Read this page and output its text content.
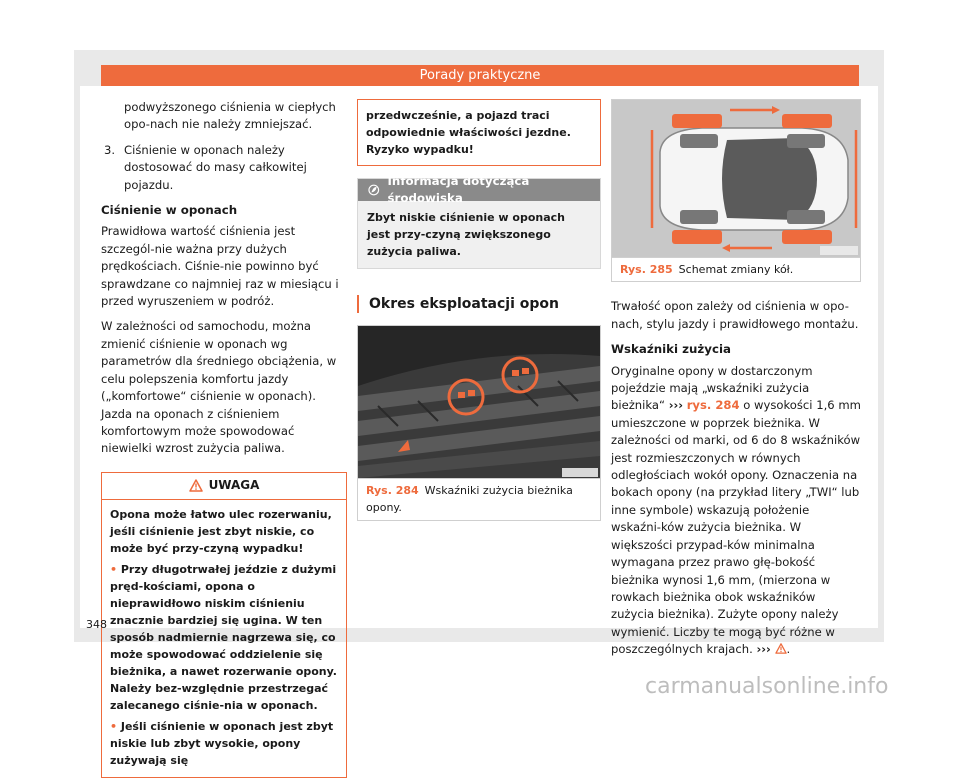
Porady praktyczne

podwyższonego ciśnienia w ciepłych opo-nach nie należy zmniejszać.

3. Ciśnienie w oponach należy dostosować do masy całkowitej pojazdu.

Ciśnienie w oponach

Prawidłowa wartość ciśnienia jest szczegól-nie ważna przy dużych prędkościach. Ciśnie-nie powinno być sprawdzane co najmniej raz w miesiącu i przed wyruszeniem w podróż.

W zależności od samochodu, można zmienić ciśnienie w oponach wg parametrów dla średniego obciążenia, w celu polepszenia komfortu jazdy („komfortowe“ ciśnienie w oponach). Jazda na oponach z ciśnieniem komfortowym może spowodować niewielki wzrost zużycia paliwa.

UWAGA

Opona może łatwo ulec rozerwaniu, jeśli ciśnienie jest zbyt niskie, co może być przy-czyną wypadku!

• Przy długotrwałej jeździe z dużymi pręd-kościami, opona o nieprawidłowo niskim ciśnieniu znacznie bardziej się ugina. W ten sposób nadmiernie nagrzewa się, co może spowodować oddzielenie się bieżnika, a nawet rozerwanie opony. Należy bez-względnie przestrzegać zalecanego ciśnie-nia w oponach.

• Jeśli ciśnienie w oponach jest zbyt niskie lub zbyt wysokie, opony zużywają się

przedwcześnie, a pojazd traci odpowiednie właściwości jezdne. Ryzyko wypadku!

Informacja dotycząca środowiska
Zbyt niskie ciśnienie w oponach jest przy-czyną zwiększonego zużycia paliwa.
Okres eksploatacji opon
Rys. 284 Wskaźniki zużycia bieżnika opony.
Rys. 285 Schemat zmiany kół.

Trwałość opon zależy od ciśnienia w opo-nach, stylu jazdy i prawidłowego montażu.

Wskaźniki zużycia

Oryginalne opony w dostarczonym pojeździe mają „wskaźniki zużycia bieżnika“ ››› rys. 284 o wysokości 1,6 mm umieszczone w poprzek bieżnika. W zależności od marki, od 6 do 8 wskaźników jest rozmieszczonych w równych odległościach wokół opony. Oznaczenia na bokach opony (na przykład litery „TWI“ lub inne symbole) wskazują położenie wskaźni-ków zużycia bieżnika. W większości przypad-ków minimalna wymagana przez prawo głę-bokość bieżnika wynosi 1,6 mm, (mierzona w rowkach bieżnika obok wskaźników zużycia bieżnika). Zużyte opony należy wymienić. Liczby te mogą być różne w poszczególnych krajach. ››› .

348
carmanualsonline.info
